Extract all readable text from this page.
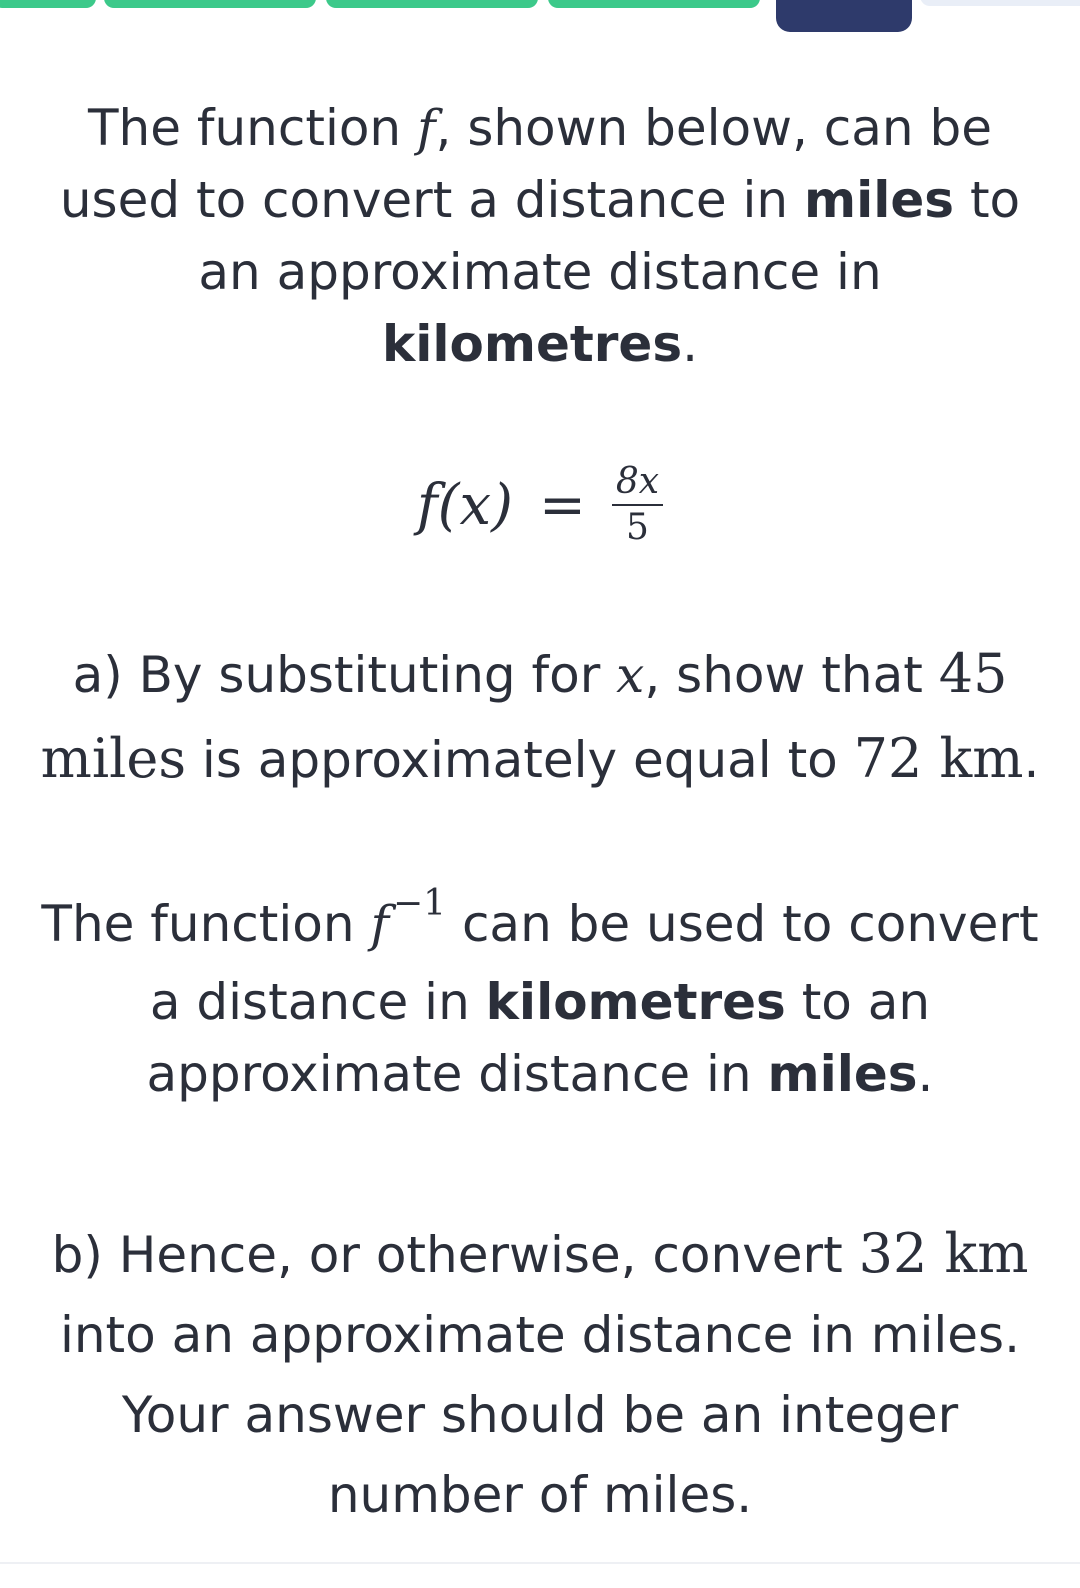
The function f, shown below, can be used to convert a distance in miles to an approximate distance in kilometres.

$f(x) = \frac{8x}{5}$

a) By substituting for x, show that 45 miles is approximately equal to 72 km.

The function f $^{-1}$ can be used to convert a distance in kilometres to an approximate distance in miles.

b) Hence, or otherwise, convert 32 km into an approximate distance in miles. Your answer should be an integer number of miles.
